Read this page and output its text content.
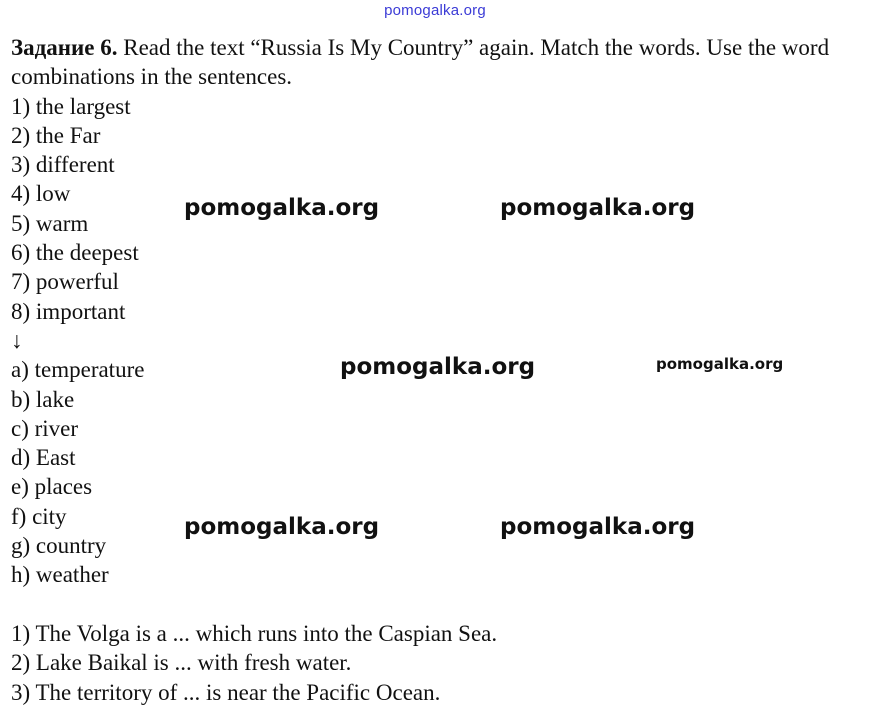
pomogalka.org

Задание 6. Read the text “Russia Is My Country” again. Match the words. Use the word combinations in the sentences.

1) the largest
2) the Far
3) different
4) low
5) warm
6) the deepest
7) powerful
8) important

↓

a) temperature
b) lake
c) river
d) East
e) places
f) city
g) country
h) weather
1) The Volga is a ... which runs into the Caspian Sea.
2) Lake Baikal is ... with fresh water.
3) The territory of ... is near the Pacific Ocean.
pomogalka.org	pomogalka.org
pomogalka.org	pomogalka.org
pomogalka.org	pomogalka.org
